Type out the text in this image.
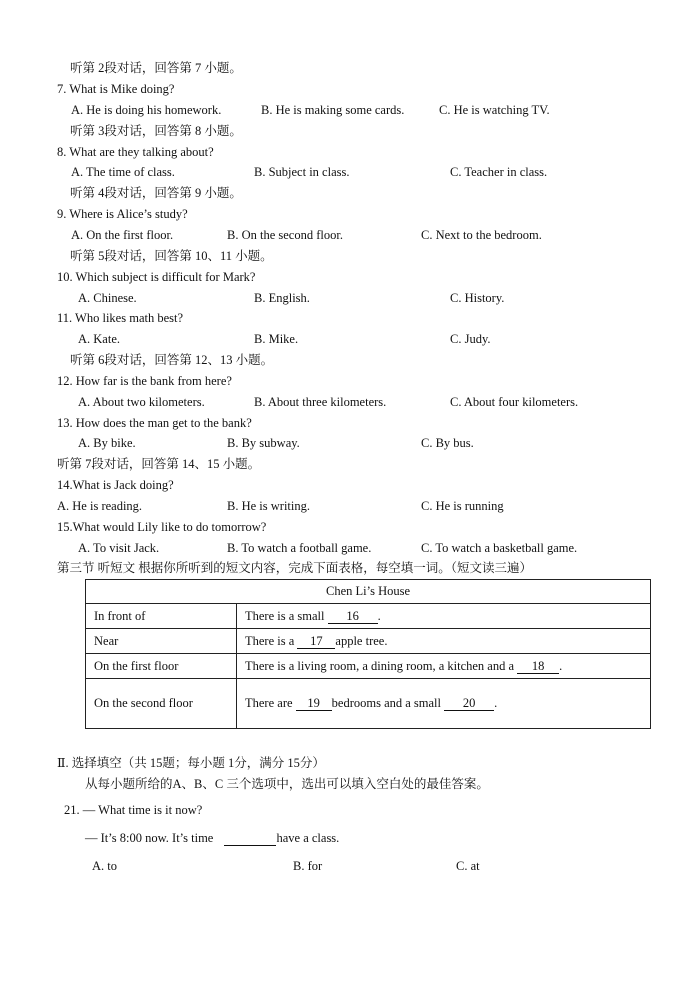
听第 2段对话，回答第 7 小题。
7. What is Mike doing?
A. He is doing his homework.	B. He is making some cards.	C. He is watching TV.
听第 3段对话，回答第 8 小题。
8. What are they talking about?
A. The time of class.	B. Subject in class.	C. Teacher in class.
听第 4段对话，回答第 9 小题。
9. Where is Alice’s study?
A. On the first floor.	B. On the second floor.	C. Next to the bedroom.
听第 5段对话，回答第 10、11 小题。
10. Which subject is difficult for Mark?
A. Chinese.	B. English.	C. History.
11. Who likes math best?
A. Kate.	B. Mike.	C. Judy.
听第 6段对话，回答第 12、13 小题。
12. How far is the bank from here?
A. About two kilometers.	B. About three kilometers.	C. About four kilometers.
13. How does the man get to the bank?
A. By bike.	B. By subway.	C. By bus.
听第 7段对话，回答第 14、15 小题。
14.What is Jack doing?
A. He is reading.	B. He is writing.	C. He is running
15.What would Lily like to do tomorrow?
A. To visit Jack.	B. To watch a football game.	C. To watch a basketball game.
第三节 听短文 根据你所听到的短文内容，完成下面表格，每空填一词。（短文读三遍）
Chen Li’s House	
In front of	There is a small 16 .
Near	There is a 17 apple tree.
On the first floor	There is a living room, a dining room, a kitchen and a 18 .
On the second floor	There are 19 bedrooms and a small 20 .
Ⅱ. 选择填空（共 15题；每小题 1分，满分 15分）
从每小题所给的A、B、C 三个选项中，选出可以填入空白处的最佳答案。
21. — What time is it now?
— It’s 8:00 now. It’s time	have a class.
A. to	B. for	C. at
